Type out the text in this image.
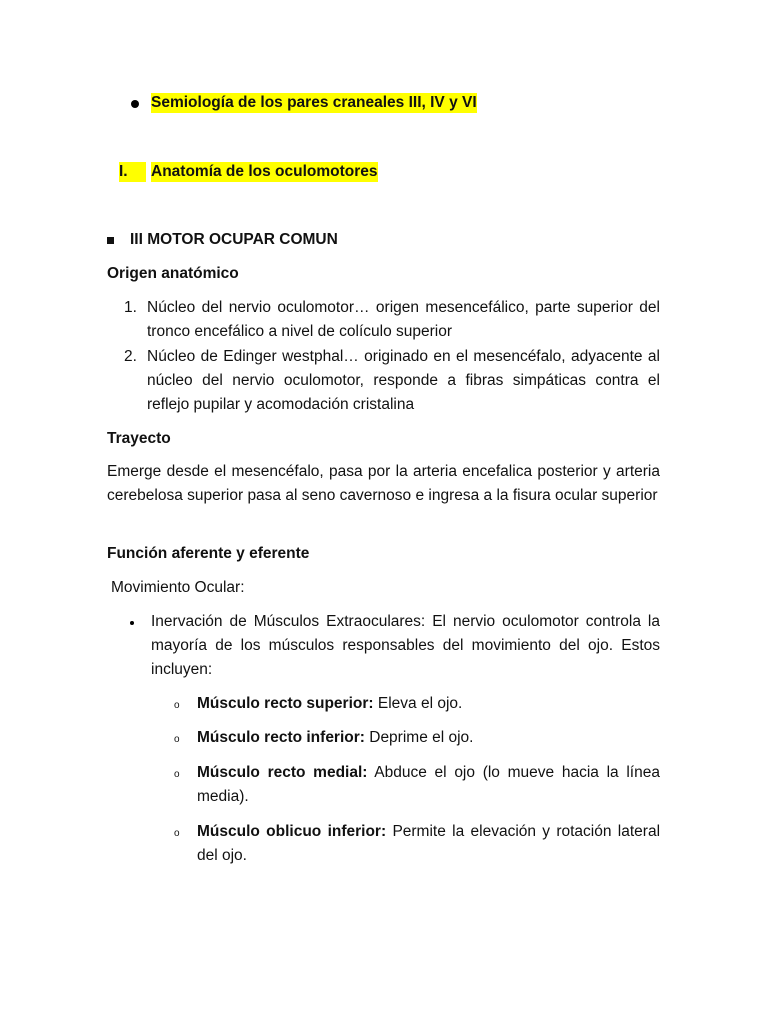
Semiología de los pares craneales III, IV y VI
I.	Anatomía de los oculomotores
III MOTOR OCUPAR COMUN
Origen anatómico
1. Núcleo del nervio oculomotor… origen mesencefálico, parte superior del tronco encefálico a nivel de colículo superior
2. Núcleo de Edinger westphal… originado en el mesencéfalo, adyacente al núcleo del nervio oculomotor, responde a fibras simpáticas contra el reflejo pupilar y acomodación cristalina
Trayecto
Emerge desde el mesencéfalo, pasa por la arteria encefalica posterior y arteria cerebelosa superior pasa al seno cavernoso e ingresa a la fisura ocular superior
Función aferente y eferente
Movimiento Ocular:
Inervación de Músculos Extraoculares: El nervio oculomotor controla la mayoría de los músculos responsables del movimiento del ojo. Estos incluyen:
o Músculo recto superior: Eleva el ojo.
o Músculo recto inferior: Deprime el ojo.
o Músculo recto medial: Abduce el ojo (lo mueve hacia la línea media).
o Músculo oblicuo inferior: Permite la elevación y rotación lateral del ojo.
